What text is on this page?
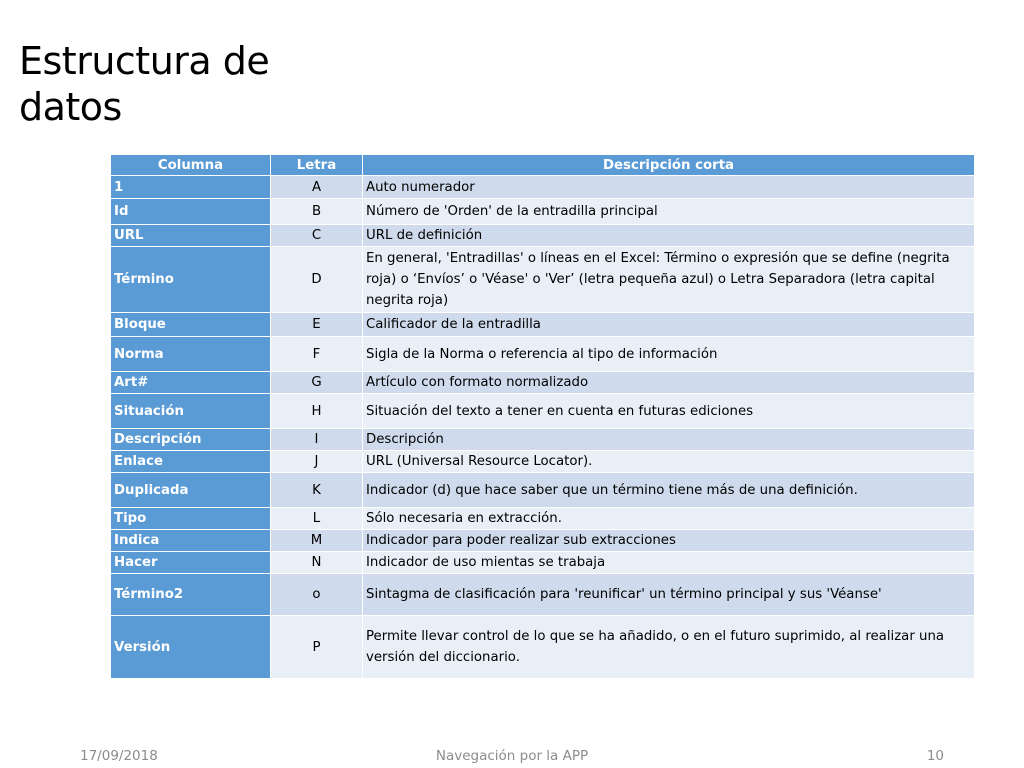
Estructura de datos
Columna	Letra	Descripción corta
1	A	Auto numerador
Id	B	Número de 'Orden' de la entradilla principal
URL	C	URL de definición
Término	D	En general, 'Entradillas' o líneas en el Excel: Término o expresión que se define (negrita roja) o ‘Envíos’ o 'Véase' o 'Ver’ (letra pequeña azul) o Letra Separadora (letra capital negrita roja)
Bloque	E	Calificador de la entradilla
Norma	F	Sigla de la Norma o referencia al tipo de información
Art#	G	Artículo con formato normalizado
Situación	H	Situación del texto a tener en cuenta en futuras ediciones
Descripción	I	Descripción
Enlace	J	URL (Universal Resource Locator).
Duplicada	K	Indicador (d) que hace saber que un término tiene más de una definición.
Tipo	L	Sólo necesaria en extracción.
Indica	M	Indicador para poder realizar sub extracciones
Hacer	N	Indicador de uso mientas se trabaja
Término2	o	Sintagma de clasificación para 'reunificar' un término principal y sus 'Véanse'
Versión	P	Permite llevar control de lo que se ha añadido, o en el futuro suprimido, al realizar una versión del diccionario.
17/09/2018	Navegación por la APP	10
